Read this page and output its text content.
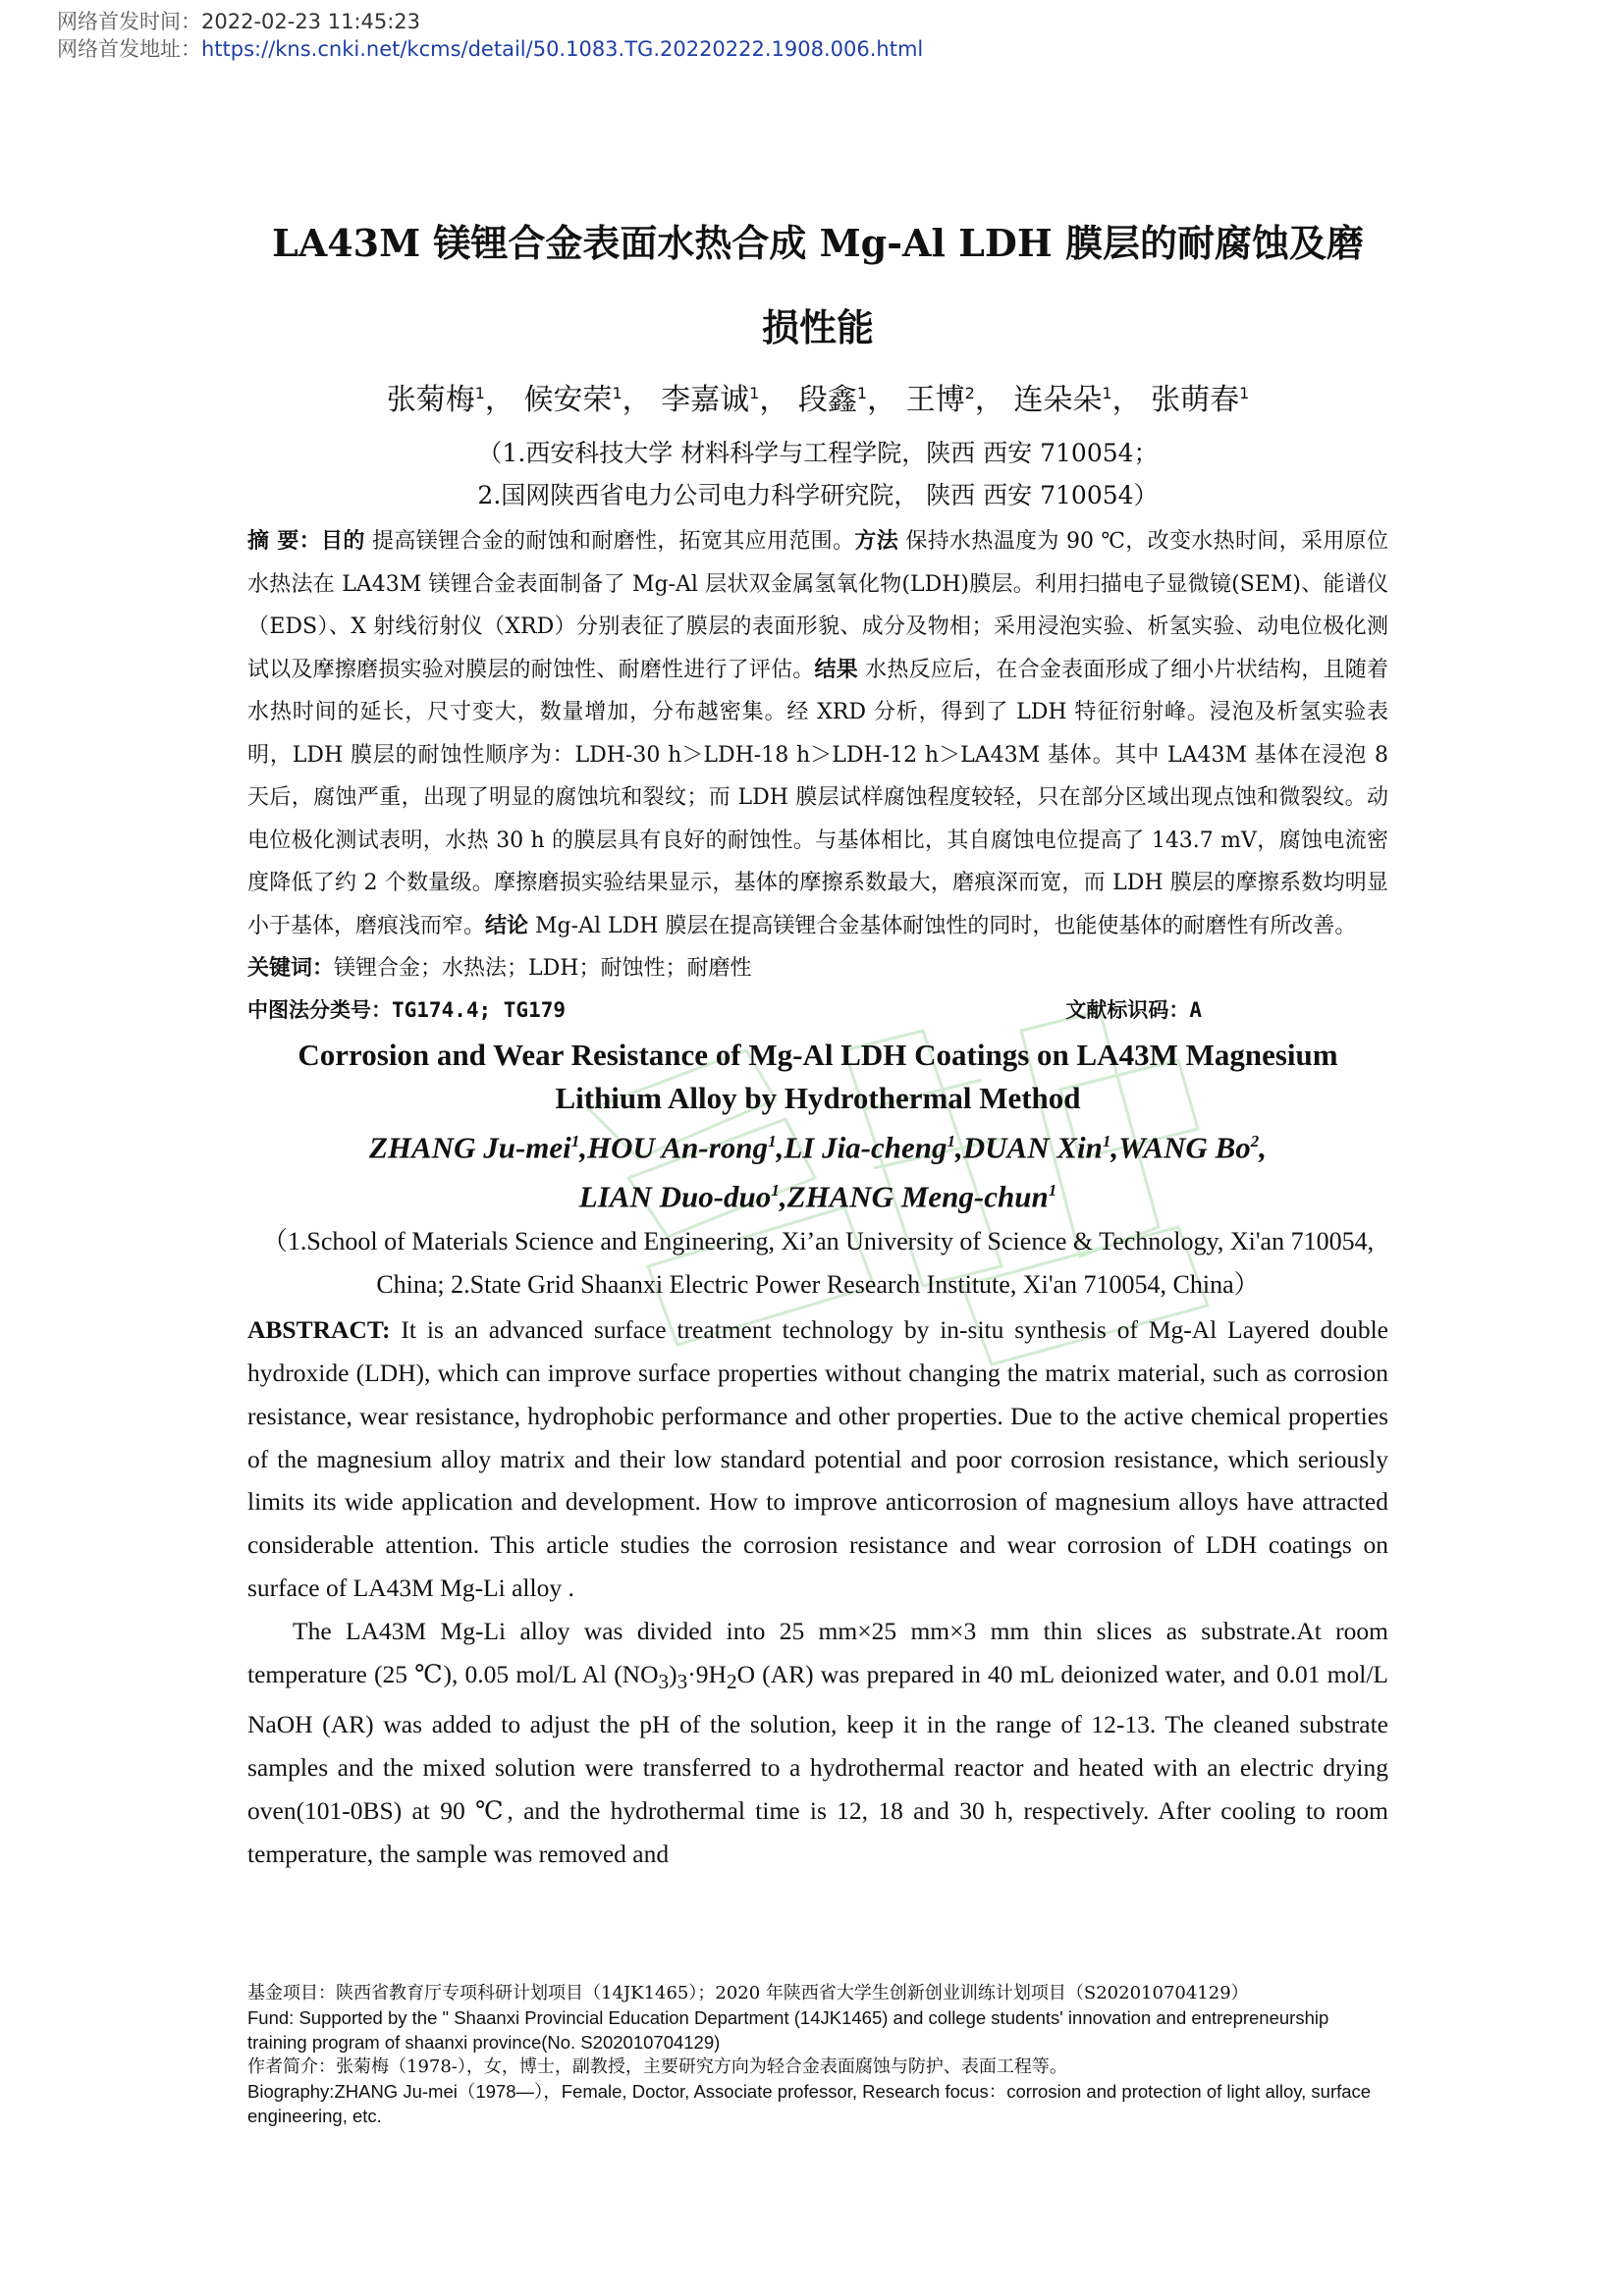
网络首发时间：2022-02-23 11:45:23
网络首发地址：https://kns.cnki.net/kcms/detail/50.1083.TG.20220222.1908.006.html
LA43M 镁锂合金表面水热合成 Mg-Al LDH 膜层的耐腐蚀及磨
损性能
张菊梅$^1$， 候安荣$^1$， 李嘉诚$^1$， 段鑫$^1$， 王博$^2$， 连朵朵$^1$， 张萌春$^1$
（1.西安科技大学 材料科学与工程学院，陕西 西安 710054；
2.国网陕西省电力公司电力科学研究院， 陕西 西安 710054）
摘 要：目的 提高镁锂合金的耐蚀和耐磨性，拓宽其应用范围。方法 保持水热温度为 90 ℃，改变水热时间，采用原位水热法在 LA43M 镁锂合金表面制备了 Mg-Al 层状双金属氢氧化物(LDH)膜层。利用扫描电子显微镜(SEM)、能谱仪（EDS）、X 射线衍射仪（XRD）分别表征了膜层的表面形貌、成分及物相；采用浸泡实验、析氢实验、动电位极化测试以及摩擦磨损实验对膜层的耐蚀性、耐磨性进行了评估。结果 水热反应后，在合金表面形成了细小片状结构，且随着水热时间的延长，尺寸变大，数量增加，分布越密集。经 XRD 分析，得到了 LDH 特征衍射峰。浸泡及析氢实验表明，LDH 膜层的耐蚀性顺序为：LDH-30 h＞LDH-18 h＞LDH-12 h＞LA43M 基体。其中 LA43M 基体在浸泡 8 天后，腐蚀严重，出现了明显的腐蚀坑和裂纹；而 LDH 膜层试样腐蚀程度较轻，只在部分区域出现点蚀和微裂纹。动电位极化测试表明，水热 30 h 的膜层具有良好的耐蚀性。与基体相比，其自腐蚀电位提高了 143.7 mV，腐蚀电流密度降低了约 2 个数量级。摩擦磨损实验结果显示，基体的摩擦系数最大，磨痕深而宽，而 LDH 膜层的摩擦系数均明显小于基体，磨痕浅而窄。结论 Mg-Al LDH 膜层在提高镁锂合金基体耐蚀性的同时，也能使基体的耐磨性有所改善。
关键词：镁锂合金；水热法；LDH；耐蚀性；耐磨性
中图法分类号：TG174.4; TG179	文献标识码：A
Corrosion and Wear Resistance of Mg-Al LDH Coatings on LA43M Magnesium
Lithium Alloy by Hydrothermal Method
ZHANG Ju-mei$^1$,HOU An-rong$^1$,LI Jia-cheng$^1$,DUAN Xin$^1$,WANG Bo$^2$,
LIAN Duo-duo$^1$,ZHANG Meng-chun$^1$
（1.School of Materials Science and Engineering, Xi’an University of Science & Technology, Xi'an 710054, China; 2.State Grid Shaanxi Electric Power Research Institute, Xi'an 710054, China）

ABSTRACT: It is an advanced surface treatment technology by in-situ synthesis of Mg-Al Layered double hydroxide (LDH), which can improve surface properties without changing the matrix material, such as corrosion resistance, wear resistance, hydrophobic performance and other properties. Due to the active chemical properties of the magnesium alloy matrix and their low standard potential and poor corrosion resistance, which seriously limits its wide application and development. How to improve anticorrosion of magnesium alloys have attracted considerable attention. This article studies the corrosion resistance and wear corrosion of LDH coatings on surface of LA43M Mg-Li alloy .

The LA43M Mg-Li alloy was divided into 25 mm×25 mm×3 mm thin slices as substrate.At room temperature (25 ℃), 0.05 mol/L Al $(NO_3)_3\cdot 9H_2O$ (AR) was prepared in 40 mL deionized water, and 0.01 mol/L NaOH (AR) was added to adjust the pH of the solution, keep it in the range of 12-13. The cleaned substrate samples and the mixed solution were transferred to a hydrothermal reactor and heated with an electric drying oven(101-0BS) at 90 ℃, and the hydrothermal time is 12, 18 and 30 h, respectively. After cooling to room temperature, the sample was removed and

基金项目：陕西省教育厅专项科研计划项目（14JK1465）；2020 年陕西省大学生创新创业训练计划项目（S202010704129）
Fund: Supported by the " Shaanxi Provincial Education Department (14JK1465) and college students' innovation and entrepreneurship training program of shaanxi province(No. S202010704129)
作者简介：张菊梅（1978-），女，博士，副教授，主要研究方向为轻合金表面腐蚀与防护、表面工程等。
Biography:ZHANG Ju-mei（1978—），Female, Doctor, Associate professor, Research focus：corrosion and protection of light alloy, surface engineering, etc.
